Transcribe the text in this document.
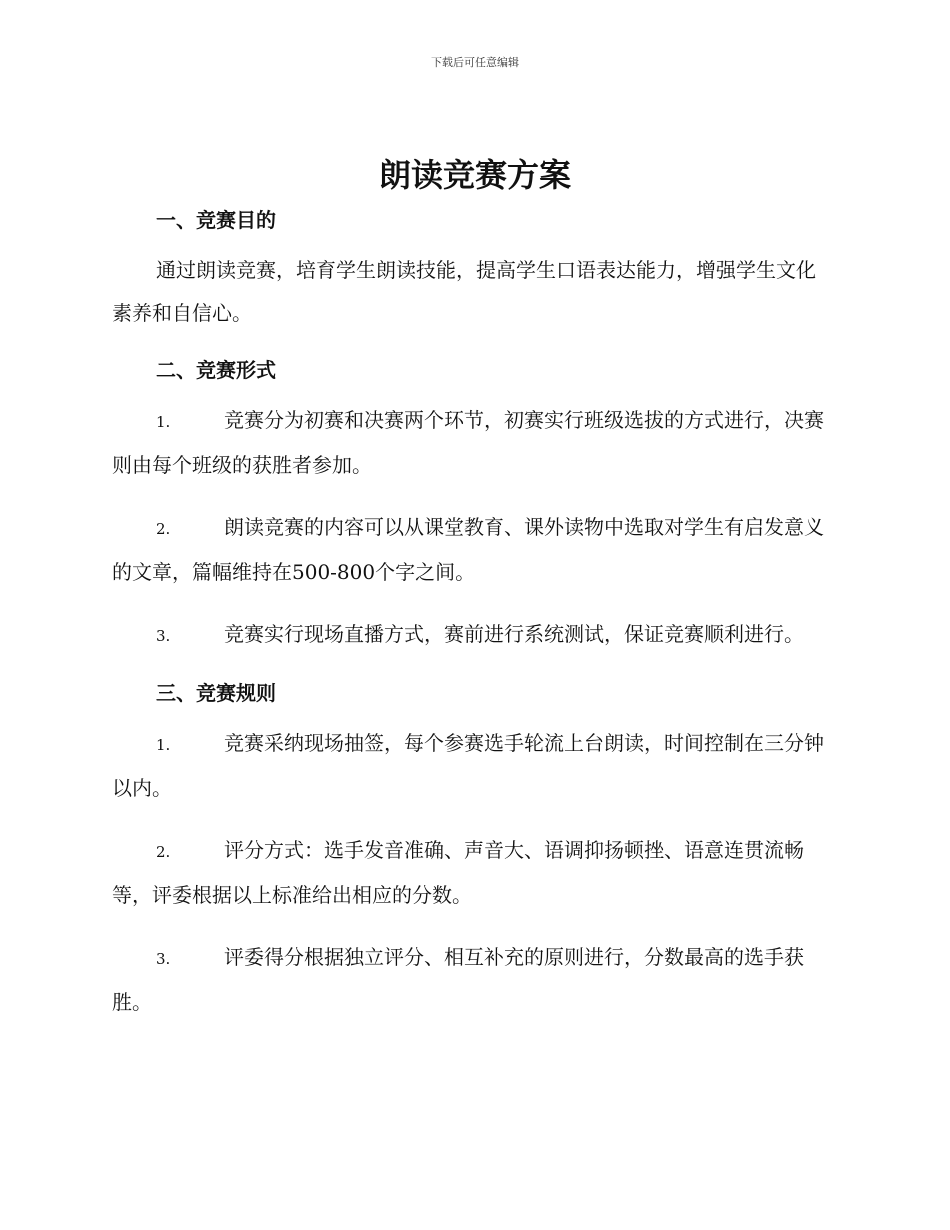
下载后可任意编辑
朗读竞赛方案
一、竞赛目的
通过朗读竞赛，培育学生朗读技能，提高学生口语表达能力，增强学生文化素养和自信心。
二、竞赛形式
1.	竞赛分为初赛和决赛两个环节，初赛实行班级选拔的方式进行，决赛则由每个班级的获胜者参加。
2.	朗读竞赛的内容可以从课堂教育、课外读物中选取对学生有启发意义的文章，篇幅维持在500-800个字之间。
3.	竞赛实行现场直播方式，赛前进行系统测试，保证竞赛顺利进行。
三、竞赛规则
1.	竞赛采纳现场抽签，每个参赛选手轮流上台朗读，时间控制在三分钟以内。
2.	评分方式：选手发音准确、声音大、语调抑扬顿挫、语意连贯流畅等，评委根据以上标准给出相应的分数。
3.	评委得分根据独立评分、相互补充的原则进行，分数最高的选手获胜。
